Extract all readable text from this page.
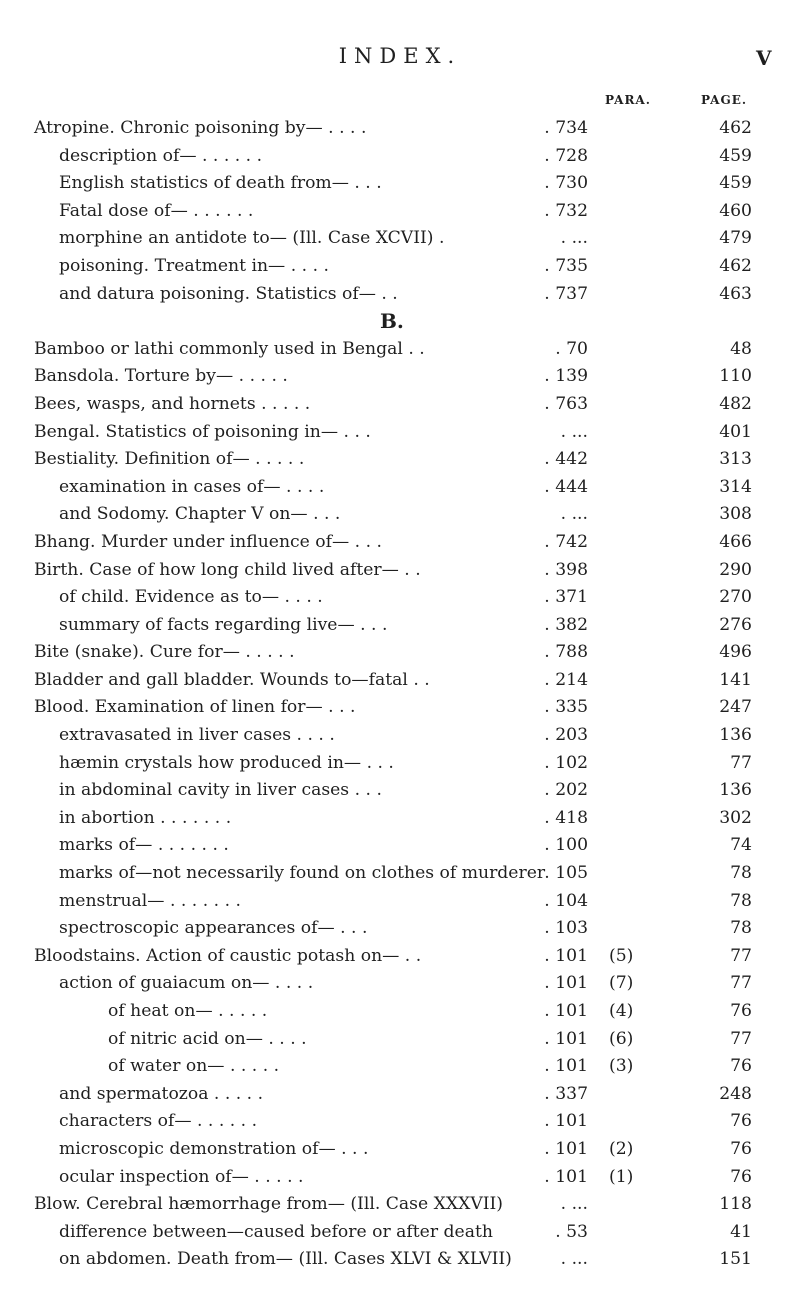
INDEX.	V
PARA.	PAGE.
Atropine. Chronic poisoning by— . . . .	. 734	462
description of— . . . . . .	. 728	459
English statistics of death from— . . .	. 730	459
Fatal dose of— . . . . . .	. 732	460
morphine an antidote to— (Ill. Case XCVII) .	. ...	479
poisoning. Treatment in— . . . .	. 735	462
and datura poisoning. Statistics of— . .	. 737	463
B.
Bamboo or lathi commonly used in Bengal . .	. 70	48
Bansdola. Torture by— . . . . .	. 139	110
Bees, wasps, and hornets . . . . .	. 763	482
Bengal. Statistics of poisoning in— . . .	. ...	401
Bestiality. Definition of— . . . . .	. 442	313
examination in cases of— . . . .	. 444	314
and Sodomy. Chapter V on— . . .	. ...	308
Bhang. Murder under influence of— . . .	. 742	466
Birth. Case of how long child lived after— . .	. 398	290
of child. Evidence as to— . . . .	. 371	270
summary of facts regarding live— . . .	. 382	276
Bite (snake). Cure for— . . . . .	. 788	496
Bladder and gall bladder. Wounds to—fatal . .	. 214	141
Blood. Examination of linen for— . . .	. 335	247
extravasated in liver cases . . . .	. 203	136
hæmin crystals how produced in— . . .	. 102	77
in abdominal cavity in liver cases . . .	. 202	136
in abortion . . . . . . .	. 418	302
marks of— . . . . . . .	. 100	74
marks of—not necessarily found on clothes of murderer . 105	78
menstrual— . . . . . . .	. 104	78
spectroscopic appearances of— . . .	. 103	78
Bloodstains. Action of caustic potash on— . .	. 101 (5)	77
action of guaiacum on— . . . .	. 101 (7)	77
of heat on— . . . . .	. 101 (4)	76
of nitric acid on— . . . .	. 101 (6)	77
of water on— . . . . .	. 101 (3)	76
and spermatozoa . . . . .	. 337	248
characters of— . . . . . .	. 101	76
microscopic demonstration of— . . .	. 101 (2)	76
ocular inspection of— . . . . .	. 101 (1)	76
Blow. Cerebral hæmorrhage from— (Ill. Case XXXVII)	. ...	118
difference between—caused before or after death	. 53	41
on abdomen. Death from— (Ill. Cases XLVI & XLVII)	. ...	151
